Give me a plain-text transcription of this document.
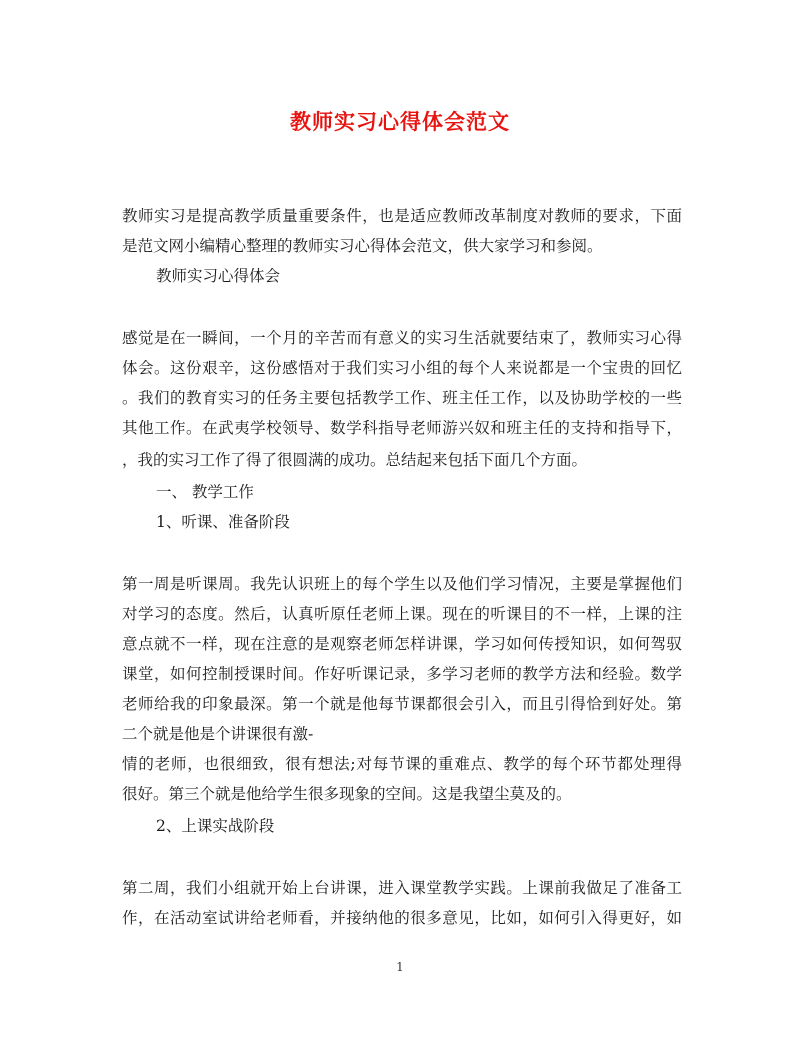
教师实习心得体会范文

教师实习是提高教学质量重要条件，也是适应教师改革制度对教师的要求，下面

是范文网小编精心整理的教师实习心得体会范文，供大家学习和参阅。

教师实习心得体会

感觉是在一瞬间，一个月的辛苦而有意义的实习生活就要结束了，教师实习心得

体会。这份艰辛，这份感悟对于我们实习小组的每个人来说都是一个宝贵的回忆

。我们的教育实习的任务主要包括教学工作、班主任工作，以及协助学校的一些

其他工作。在武夷学校领导、数学科指导老师游兴奴和班主任的支持和指导下，

，我的实习工作了得了很圆满的成功。总结起来包括下面几个方面。

一、 教学工作

1、听课、准备阶段

第一周是听课周。我先认识班上的每个学生以及他们学习情况，主要是掌握他们

对学习的态度。然后，认真听原任老师上课。现在的听课目的不一样，上课的注

意点就不一样，现在注意的是观察老师怎样讲课，学习如何传授知识，如何驾驭

课堂，如何控制授课时间。作好听课记录，多学习老师的教学方法和经验。数学

老师给我的印象最深。第一个就是他每节课都很会引入，而且引得恰到好处。第

二个就是他是个讲课很有激-

情的老师，也很细致，很有想法;对每节课的重难点、教学的每个环节都处理得

很好。第三个就是他给学生很多现象的空间。这是我望尘莫及的。

2、上课实战阶段

第二周，我们小组就开始上台讲课，进入课堂教学实践。上课前我做足了准备工

作，在活动室试讲给老师看，并接纳他的很多意见，比如，如何引入得更好，如

1
